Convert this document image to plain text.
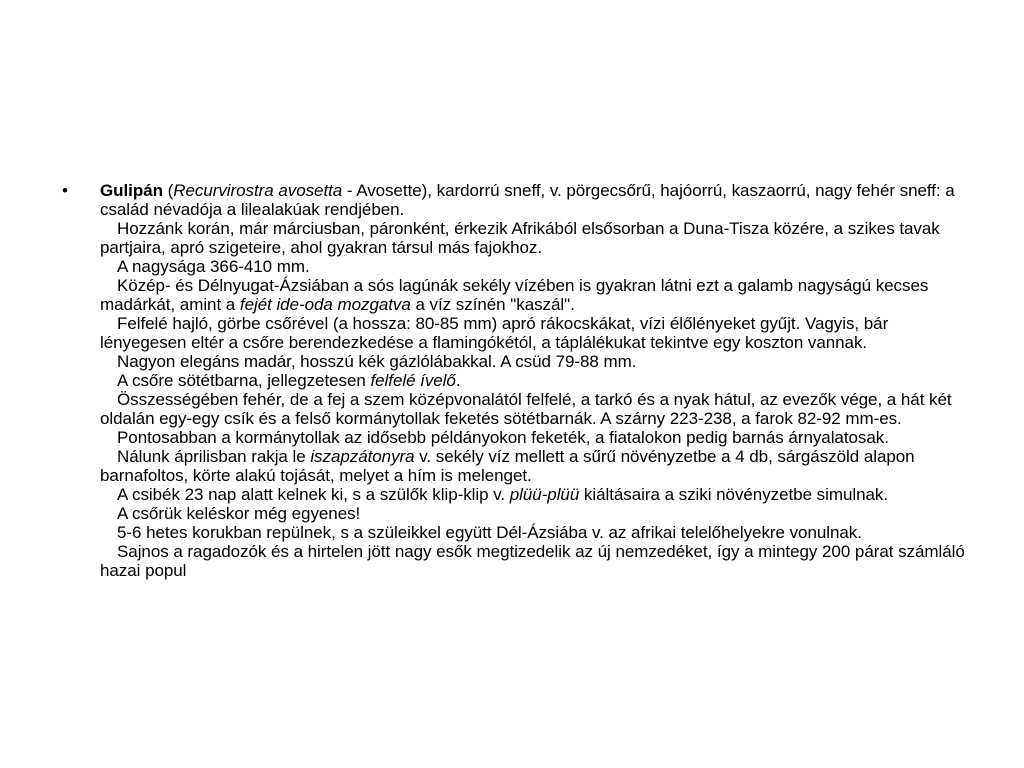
• Gulipán (Recurvirostra avosetta - Avosette), kardorrú sneff, v. pörgecsőrű, hajóorrú, kaszaorrú, nagy fehér sneff: a család névadója a lilealakúak rendjében.

Hozzánk korán, már márciusban, páronként, érkezik Afrikából elsősorban a Duna-Tisza közére, a szikes tavak partjaira, apró szigeteire, ahol gyakran társul más fajokhoz.

A nagysága 366-410 mm.

Közép- és Délnyugat-Ázsiában a sós lagúnák sekély vízében is gyakran látni ezt a galamb nagyságú kecses madárkát, amint a fejét ide-oda mozgatva a víz színén "kaszál".

Felfelé hajló, görbe csőrével (a hossza: 80-85 mm) apró rákocskákat, vízi élőlényeket gyűjt. Vagyis, bár lényegesen eltér a csőre berendezkedése a flamingókétól, a táplálékukat tekintve egy koszton vannak.

Nagyon elegáns madár, hosszú kék gázlólábakkal. A csüd 79-88 mm.

A csőre sötétbarna, jellegzetesen felfelé ívelő.

Összességében fehér, de a fej a szem középvonalától felfelé, a tarkó és a nyak hátul, az evezők vége, a hát két oldalán egy-egy csík és a felső kormánytollak feketés sötétbarnák. A szárny 223-238, a farok 82-92 mm-es.

Pontosabban a kormánytollak az idősebb példányokon feketék, a fiatalokon pedig barnás árnyalatosak.

Nálunk áprilisban rakja le iszapzátonyra v. sekély víz mellett a sűrű növényzetbe a 4 db, sárgászöld alapon barnafoltos, körte alakú tojását, melyet a hím is melenget.

A csibék 23 nap alatt kelnek ki, s a szülők klip-klip v. plüü-plüü kiáltásaira a sziki növényzetbe simulnak.

A csőrük keléskor még egyenes!

5-6 hetes korukban repülnek, s a szüleikkel együtt Dél-Ázsiába v. az afrikai telelőhelyekre vonulnak.

Sajnos a ragadozók és a hirtelen jött nagy esők megtizedelik az új nemzedéket, így a mintegy 200 párat számláló hazai popul
